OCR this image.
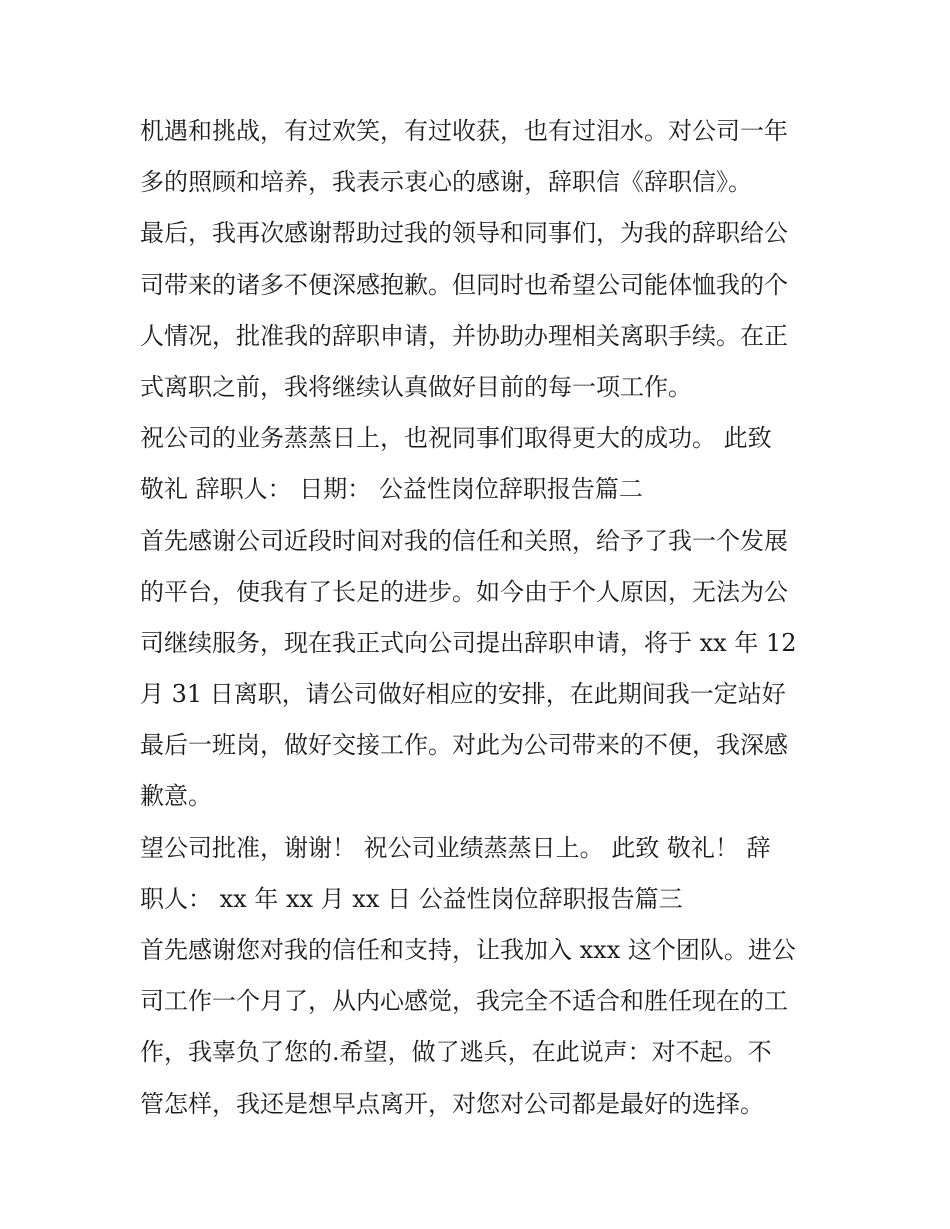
机遇和挑战，有过欢笑，有过收获，也有过泪水。对公司一年
多的照顾和培养，我表示衷心的感谢，辞职信《辞职信》。
最后，我再次感谢帮助过我的领导和同事们，为我的辞职给公
司带来的诸多不便深感抱歉。但同时也希望公司能体恤我的个
人情况，批准我的辞职申请，并协助办理相关离职手续。在正
式离职之前，我将继续认真做好目前的每一项工作。
祝公司的业务蒸蒸日上，也祝同事们取得更大的成功。 此致
敬礼 辞职人： 日期： 公益性岗位辞职报告篇二
首先感谢公司近段时间对我的信任和关照，给予了我一个发展
的平台，使我有了长足的进步。如今由于个人原因，无法为公
司继续服务，现在我正式向公司提出辞职申请，将于 xx 年 12
月 31 日离职，请公司做好相应的安排，在此期间我一定站好
最后一班岗，做好交接工作。对此为公司带来的不便，我深感
歉意。
望公司批准，谢谢！ 祝公司业绩蒸蒸日上。 此致 敬礼！ 辞
职人： xx 年 xx 月 xx 日 公益性岗位辞职报告篇三
首先感谢您对我的信任和支持，让我加入 xxx 这个团队。进公
司工作一个月了，从内心感觉，我完全不适合和胜任现在的工
作，我辜负了您的.希望，做了逃兵，在此说声：对不起。不
管怎样，我还是想早点离开，对您对公司都是最好的选择。
